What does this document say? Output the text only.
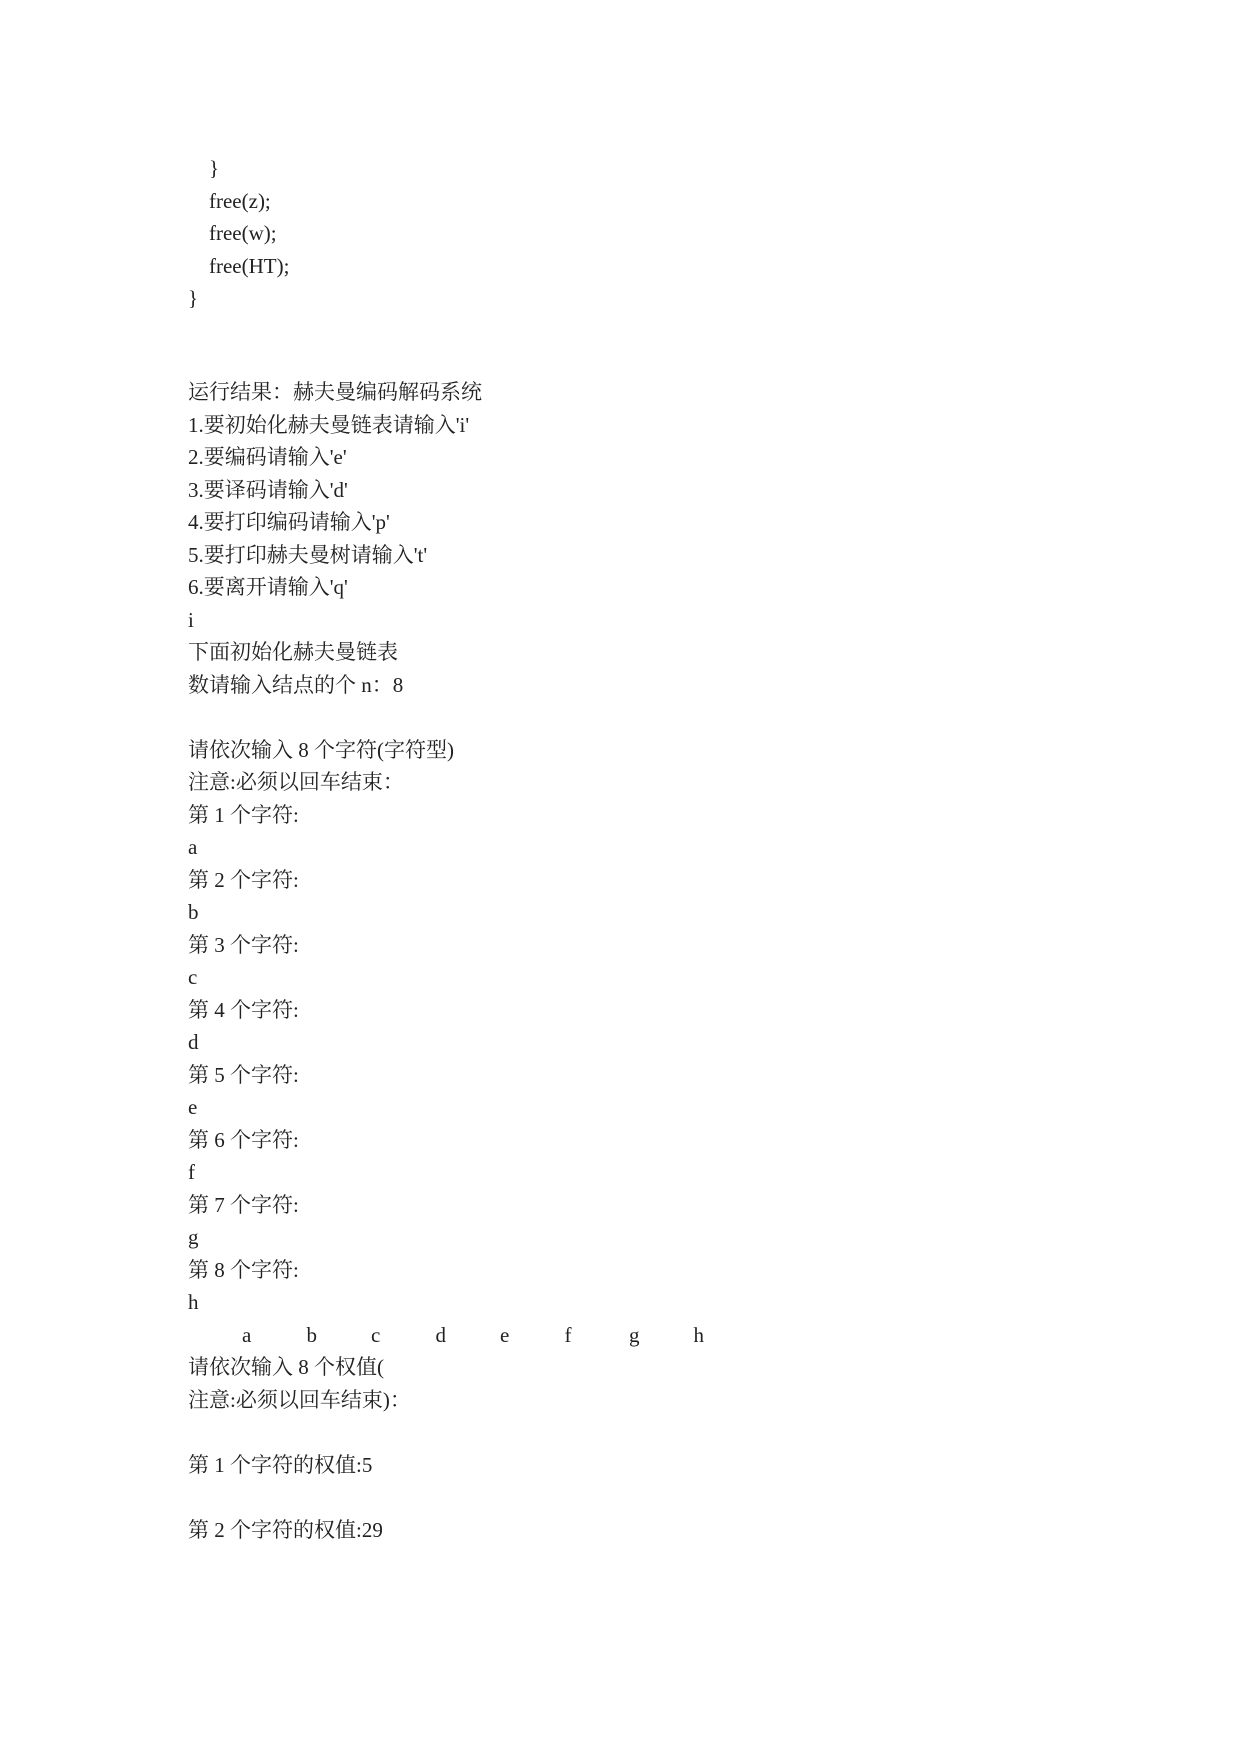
}
free(z);
free(w);
free(HT);
}
运行结果：赫夫曼编码解码系统
1.要初始化赫夫曼链表请输入'i'
2.要编码请输入'e'
3.要译码请输入'd'
4.要打印编码请输入'p'
5.要打印赫夫曼树请输入't'
6.要离开请输入'q'
i
下面初始化赫夫曼链表
数请输入结点的个 n：8
请依次输入 8 个字符(字符型)
注意:必须以回车结束：
第 1 个字符:
a
第 2 个字符:
b
第 3 个字符:
c
第 4 个字符:
d
第 5 个字符:
e
第 6 个字符:
f
第 7 个字符:
g
第 8 个字符:
h
a	b	c	d	e	f	g	h
请依次输入 8 个权值(
注意:必须以回车结束)：
第 1 个字符的权值:5
第 2 个字符的权值:29
